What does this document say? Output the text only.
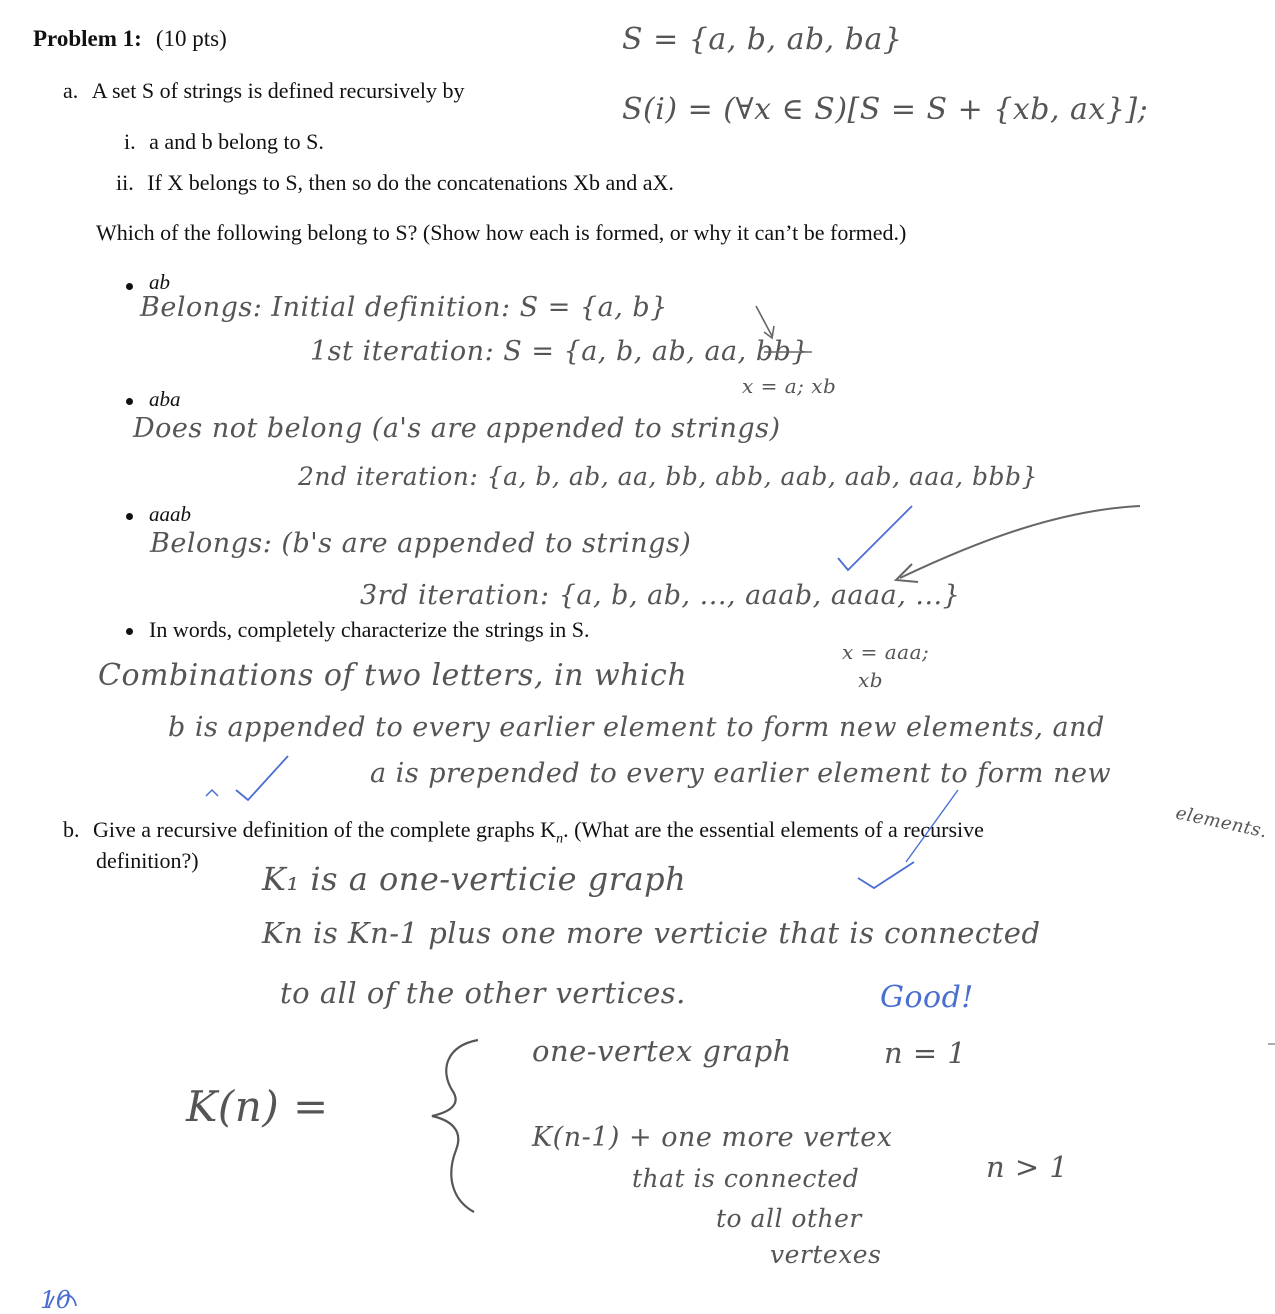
Problem 1: (10 pts)
a. A set S of strings is defined recursively by
i. a and b belong to S.
ii. If X belongs to S, then so do the concatenations Xb and aX.
Which of the following belong to S? (Show how each is formed, or why it can’t be formed.)
ab
aba
aaab
In words, completely characterize the strings in S.
b. Give a recursive definition of the complete graphs $K_n$. (What are the essential elements of a recursive
definition?)
S = {a, b, ab, ba}
S(i) = (∀x ∈ S)[S = S + {xb, ax}];
Belongs: Initial definition: S = {a, b}
1st iteration: S = {a, b, ab, aa, bb}
x = a; xb
Does not belong (a's are appended to strings)
2nd iteration: {a, b, ab, aa, bb, abb, aab, aab, aaa, bbb}
Belongs: (b's are appended to strings)
3rd iteration: {a, b, ab, ..., aaab, aaaa, ...}
x = aaa;
xb
Combinations of two letters, in which
b is appended to every earlier element to form new elements, and
a is prepended to every earlier element to form new
elements.
K₁ is a one-verticie graph
Kn is Kn-1 plus one more verticie that is connected
to all of the other vertices.
K(n) =
one-vertex graph	n = 1
K(n-1) + one more vertex
that is connected
to all other
vertexes
n > 1
Good!
10
